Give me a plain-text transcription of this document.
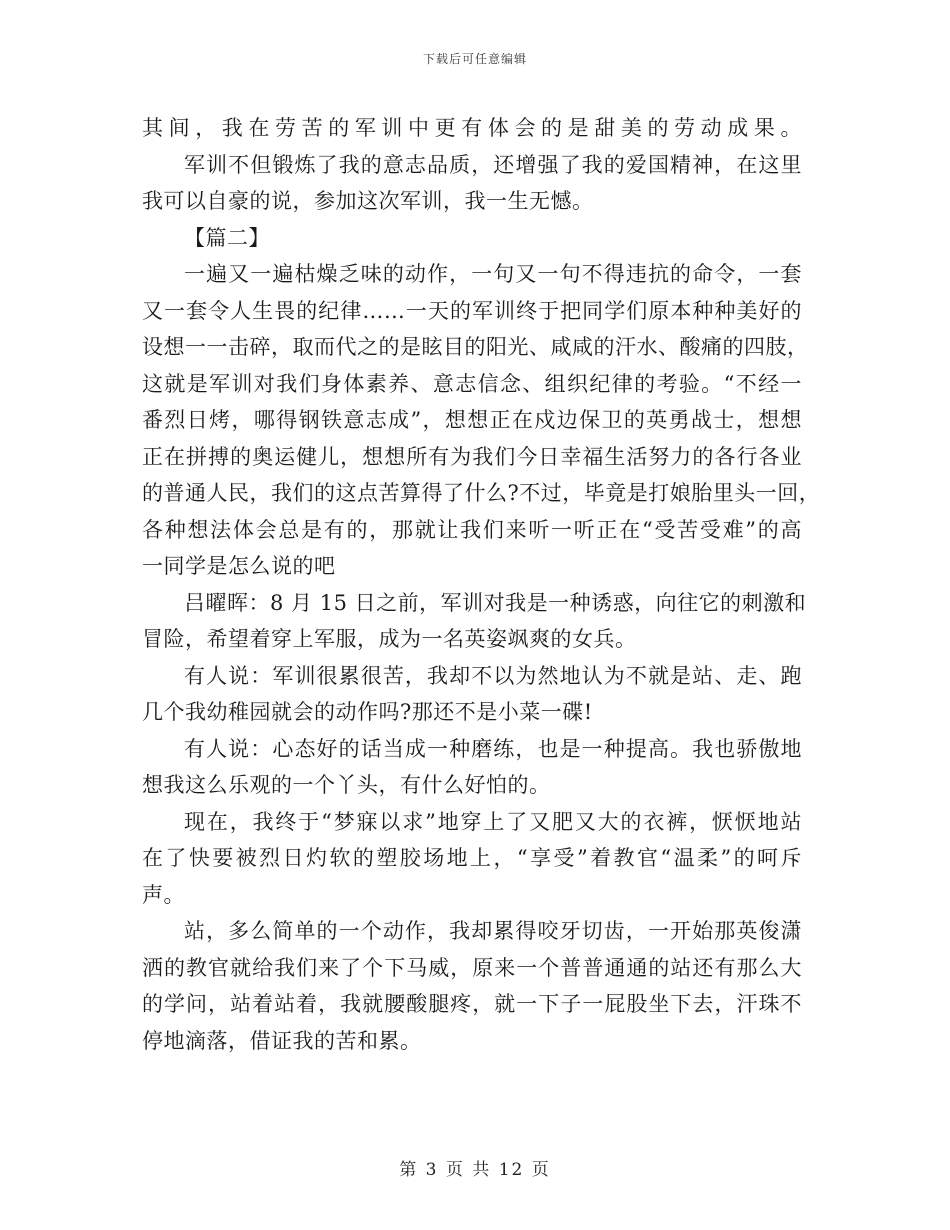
下载后可任意编辑
其间，我在劳苦的军训中更有体会的是甜美的劳动成果。
军训不但锻炼了我的意志品质，还增强了我的爱国精神，在这里
我可以自豪的说，参加这次军训，我一生无憾。
【篇二】
一遍又一遍枯燥乏味的动作，一句又一句不得违抗的命令，一套
又一套令人生畏的纪律……一天的军训终于把同学们原本种种美好的
设想一一击碎，取而代之的是眩目的阳光、咸咸的汗水、酸痛的四肢，
这就是军训对我们身体素养、意志信念、组织纪律的考验。“不经一
番烈日烤，哪得钢铁意志成”，想想正在戍边保卫的英勇战士，想想
正在拼搏的奥运健儿，想想所有为我们今日幸福生活努力的各行各业
的普通人民，我们的这点苦算得了什么?不过，毕竟是打娘胎里头一回，
各种想法体会总是有的，那就让我们来听一听正在“受苦受难”的高
一同学是怎么说的吧
吕曜晖：8 月 15 日之前，军训对我是一种诱惑，向往它的刺激和
冒险，希望着穿上军服，成为一名英姿飒爽的女兵。
有人说：军训很累很苦，我却不以为然地认为不就是站、走、跑
几个我幼稚园就会的动作吗?那还不是小菜一碟!
有人说：心态好的话当成一种磨练，也是一种提高。我也骄傲地
想我这么乐观的一个丫头，有什么好怕的。
现在，我终于“梦寐以求”地穿上了又肥又大的衣裤，恹恹地站
在了快要被烈日灼软的塑胶场地上，“享受”着教官“温柔”的呵斥
声。
站，多么简单的一个动作，我却累得咬牙切齿，一开始那英俊潇
洒的教官就给我们来了个下马威，原来一个普普通通的站还有那么大
的学问，站着站着，我就腰酸腿疼，就一下子一屁股坐下去，汗珠不
停地滴落，借证我的苦和累。
第 3 页 共 12 页
